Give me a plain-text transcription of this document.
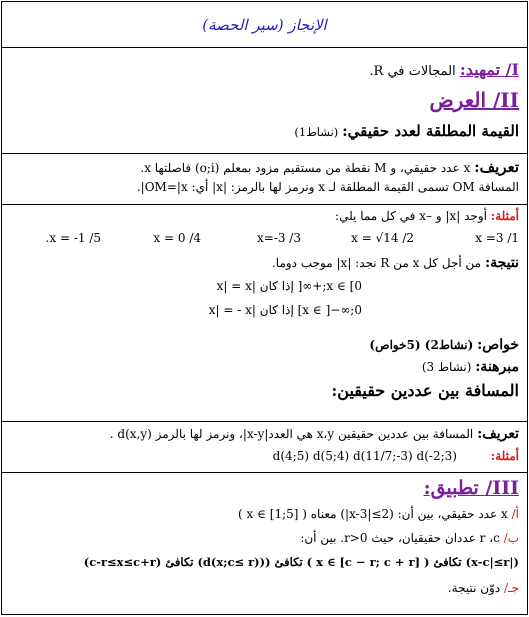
الإنجاز (سير الحصة)
I/ تمهيد: المجالات في R.
II/ العرض
القيمة المطلقة لعدد حقيقي: (نشاط1)
تعريف: x عدد حقيقي، و M نقطة من مستقيم مزود بمعلم (o;i) فاصلتها x.
المسافة OM تسمى القيمة المطلقة لـ x ونرمز لها بالرمز: |x| أي: OM=|x|.
أمثلة: أوجد |x| و –x في كل مما يلي:
x =3 /1
x = √14 /2
x=-3 /3
x = 0 /4
.x = -1 /5
نتيجة: من أجل كل x من R نجد: |x| موجب دوما.
x ∈ [0;+∞[ إذا كان |x| = x
x ∈ ]−∞;0] إذا كان |x| = - x
خواص: (نشاط2) (5خواص)
مبرهنة: (نشاط 3)
المسافة بين عددين حقيقين:
تعريف: المسافة بين عددين حقيقين x،y هي العدد|x-y|، ونرمز لها بالرمز d(x,y) .
أمثلة: d(4;5) d(5;4) d(11/7;-3) d(-2;3)
III/ تطبيق:
أ/ x عدد حقيقي، بين أن: (2≥|x-3|) معناه ( x ∈ [1;5] )
ب/ r ،c عددان حقيقيان، حيث r>0. بين أن:
(|x-c|≤r) تكافئ ( x ∈ [c − r; c + r] ) تكافئ ((d(x;c≤ r)) تكافئ (c-r≤x≤c+r)
جـ/ دوّن نتيجة.
